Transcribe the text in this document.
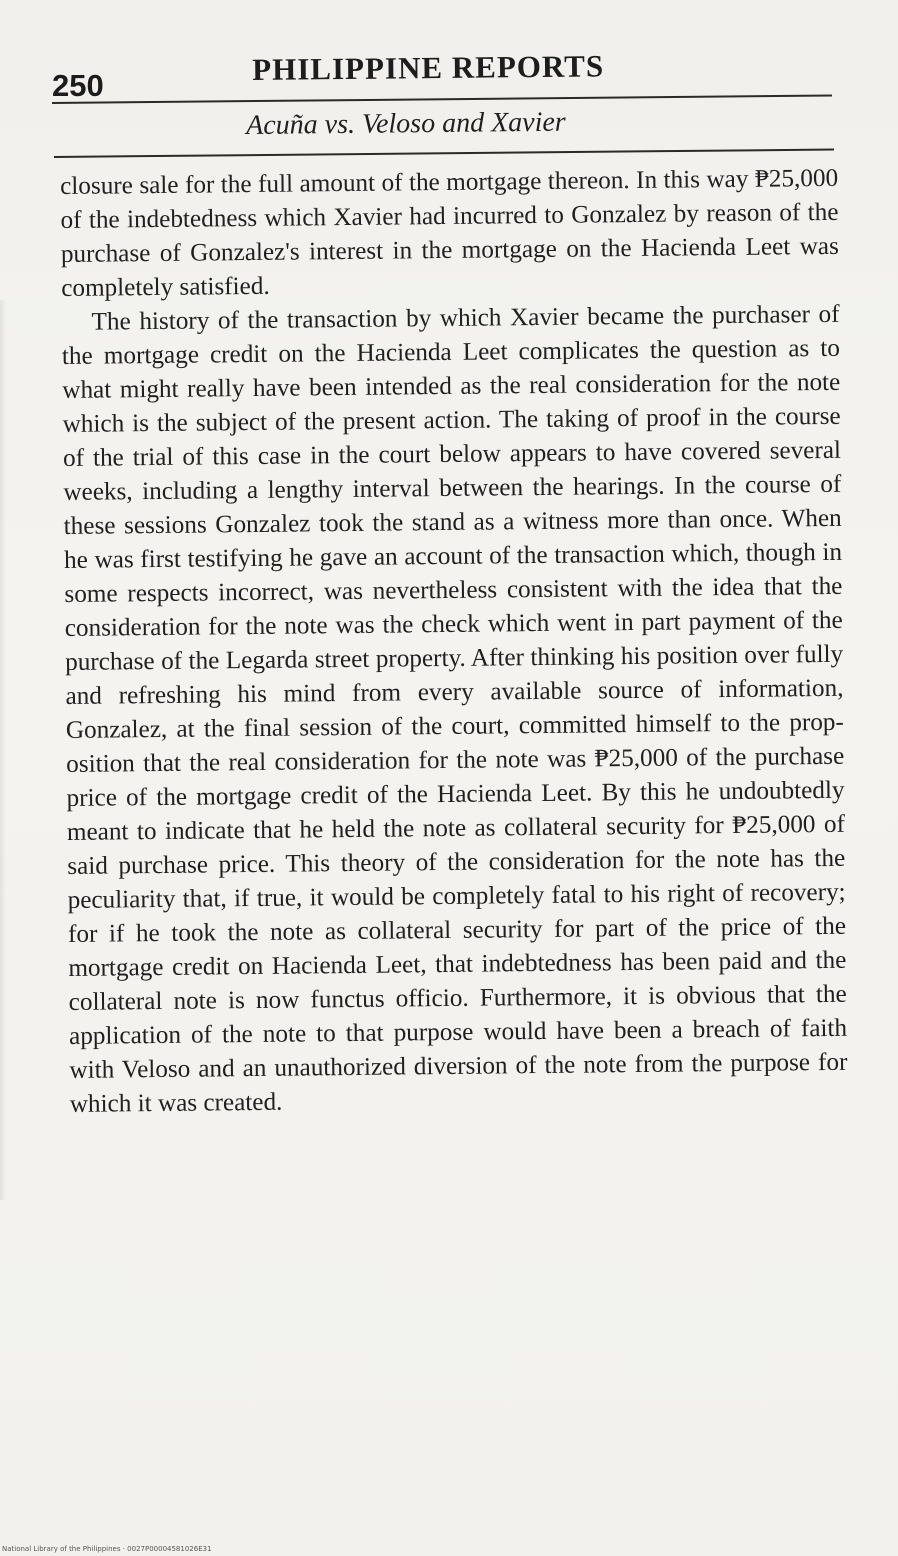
250	PHILIPPINE REPORTS
Acuña vs. Veloso and Xavier

closure sale for the full amount of the mortgage thereon. In this way ₱25,000 of the indebtedness which Xavier had incurred to Gonzalez by reason of the purchase of Gonzalez's interest in the mortgage on the Hacienda Leet was completely satisfied.

The history of the transaction by which Xavier became the purchaser of the mortgage credit on the Hacienda Leet complicates the question as to what might really have been intended as the real consideration for the note which is the subject of the present action. The taking of proof in the course of the trial of this case in the court below appears to have covered several weeks, including a lengthy interval between the hearings. In the course of these sessions Gonzalez took the stand as a witness more than once. When he was first testifying he gave an account of the transaction which, though in some respects incorrect, was nevertheless consistent with the idea that the consideration for the note was the check which went in part payment of the purchase of the Legarda street property. After thinking his position over fully and refreshing his mind from every available source of information, Gonzalez, at the final session of the court, committed himself to the proposition that the real consideration for the note was ₱25,000 of the purchase price of the mortgage credit of the Hacienda Leet. By this he undoubtedly meant to indicate that he held the note as collateral security for ₱25,000 of said purchase price. This theory of the consideration for the note has the peculiarity that, if true, it would be completely fatal to his right of recovery; for if he took the note as collateral security for part of the price of the mortgage credit on Hacienda Leet, that indebtedness has been paid and the collateral note is now functus officio. Furthermore, it is obvious that the application of the note to that purpose would have been a breach of faith with Veloso and an unauthorized diversion of the note from the purpose for which it was created.

National Library of the Philippines · 0027P00004581026E31
